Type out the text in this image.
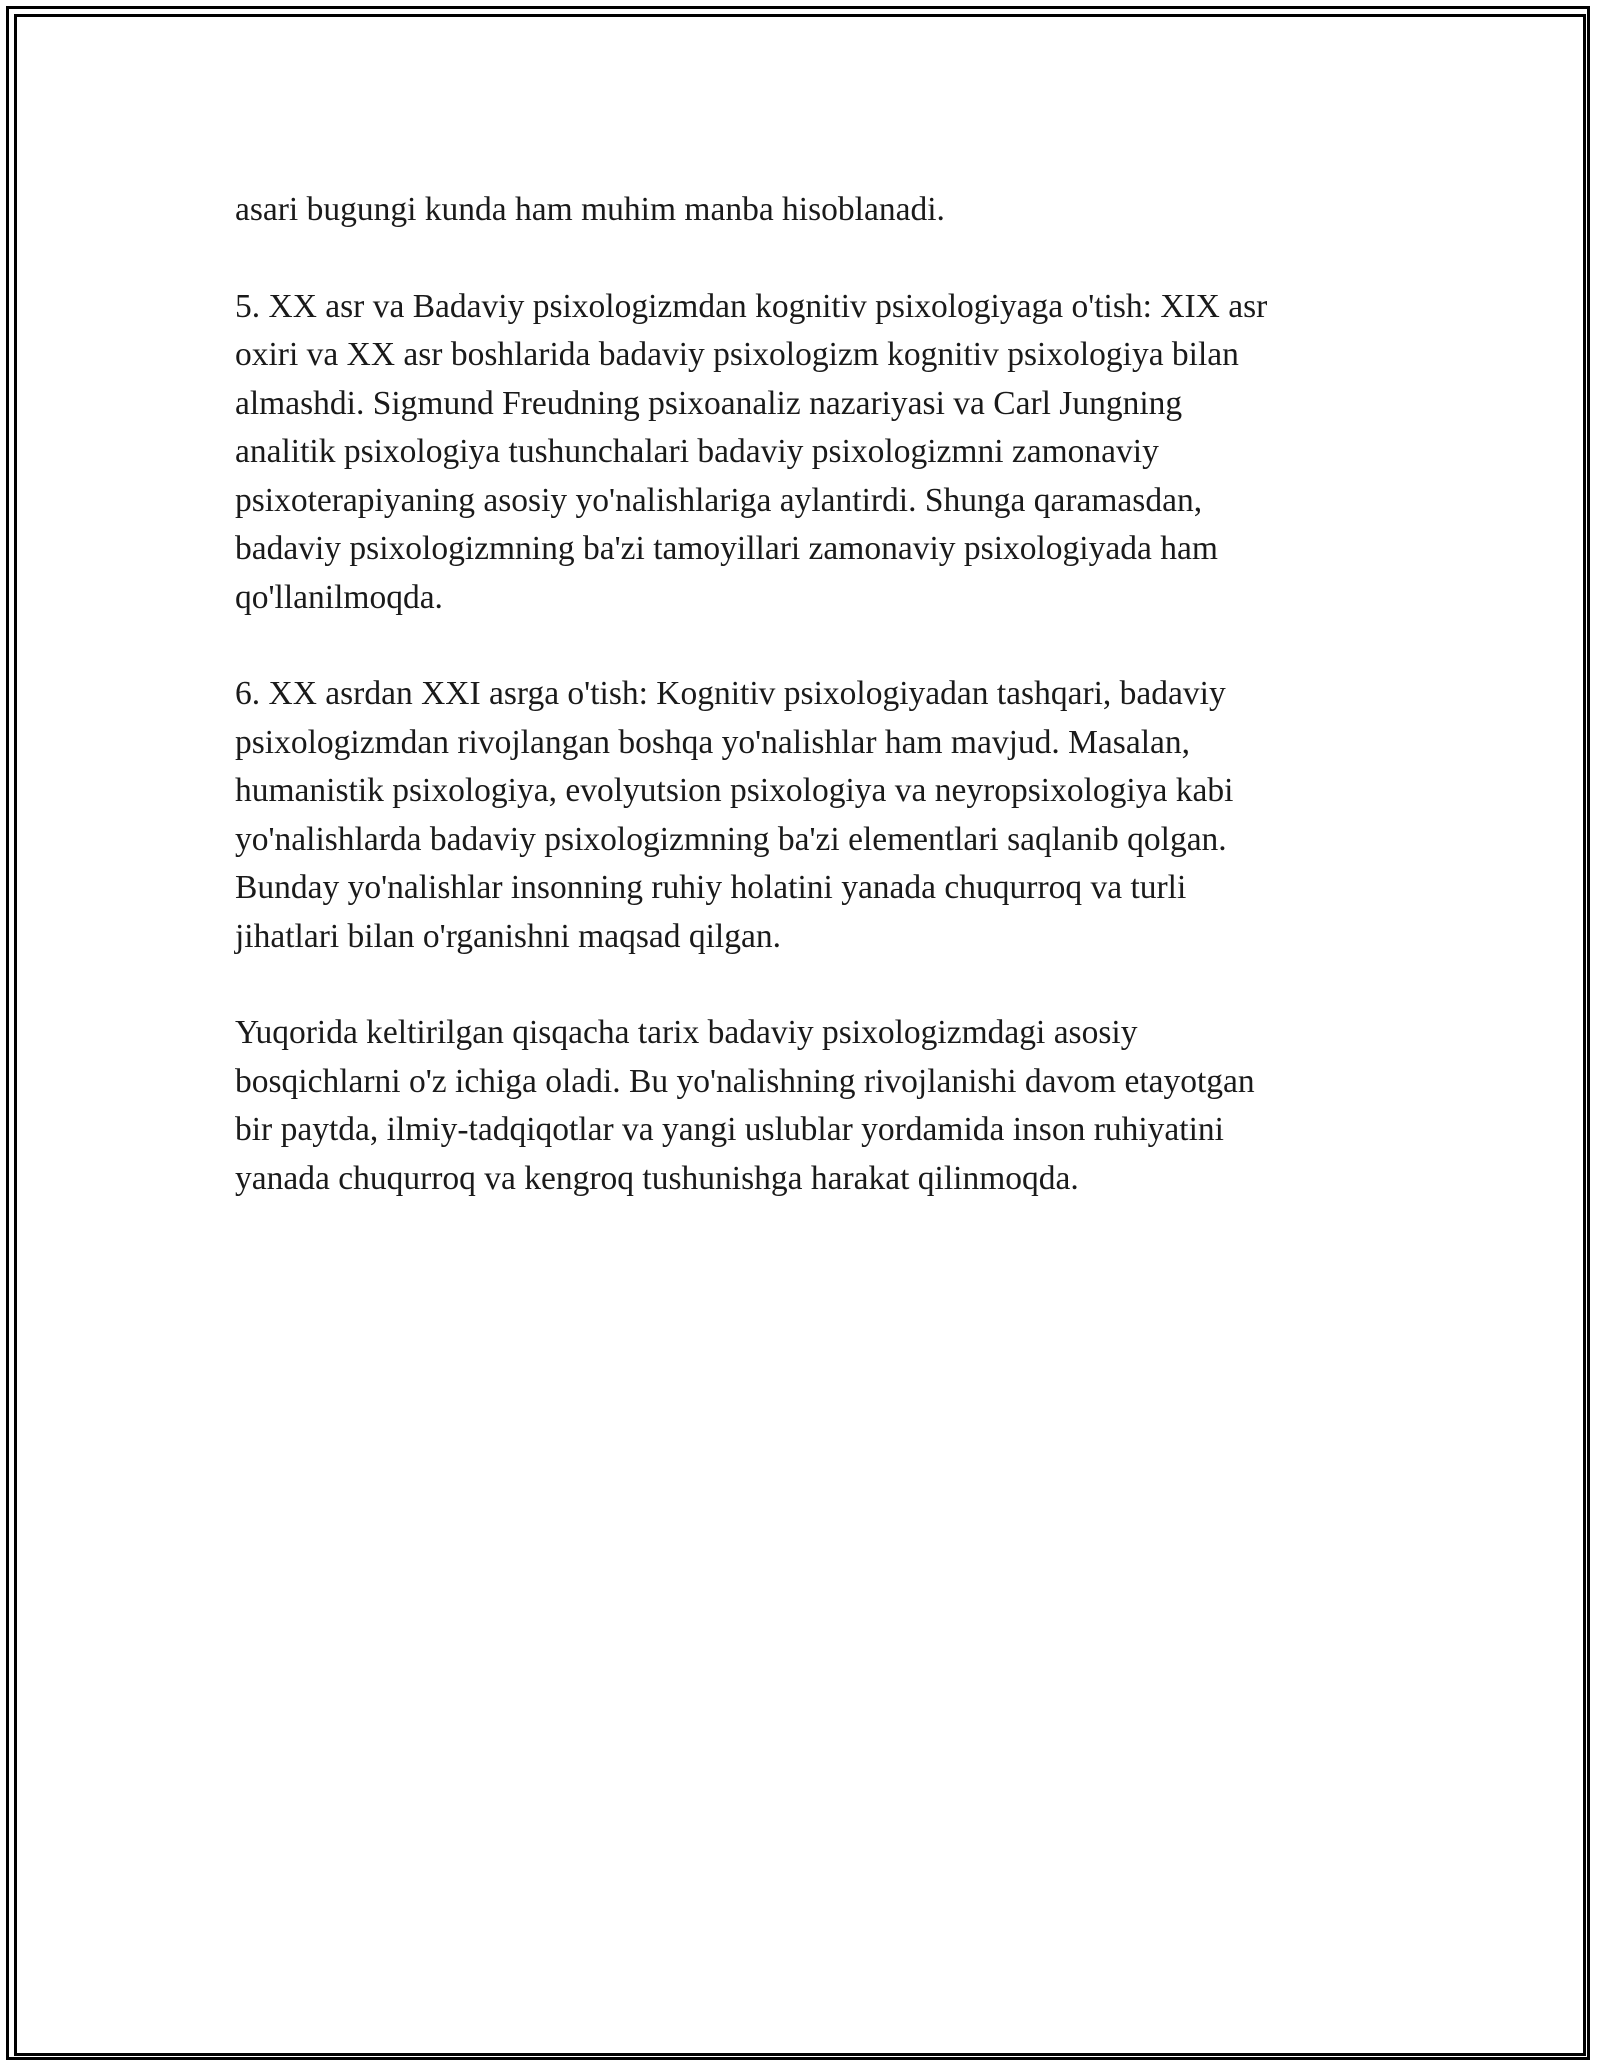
asari bugungi kunda ham muhim manba hisoblanadi.

5. XX asr va Badaviy psixologizmdan kognitiv psixologiyaga o'tish: XIX asr
oxiri va XX asr boshlarida badaviy psixologizm kognitiv psixologiya bilan
almashdi. Sigmund Freudning psixoanaliz nazariyasi va Carl Jungning
analitik psixologiya tushunchalari badaviy psixologizmni zamonaviy
psixoterapiyaning asosiy yo'nalishlariga aylantirdi. Shunga qaramasdan,
badaviy psixologizmning ba'zi tamoyillari zamonaviy psixologiyada ham
qo'llanilmoqda.

6. XX asrdan XXI asrga o'tish: Kognitiv psixologiyadan tashqari, badaviy
psixologizmdan rivojlangan boshqa yo'nalishlar ham mavjud. Masalan,
humanistik psixologiya, evolyutsion psixologiya va neyropsixologiya kabi
yo'nalishlarda badaviy psixologizmning ba'zi elementlari saqlanib qolgan.
Bunday yo'nalishlar insonning ruhiy holatini yanada chuqurroq va turli
jihatlari bilan o'rganishni maqsad qilgan.

Yuqorida keltirilgan qisqacha tarix badaviy psixologizmdagi asosiy
bosqichlarni o'z ichiga oladi. Bu yo'nalishning rivojlanishi davom etayotgan
bir paytda, ilmiy-tadqiqotlar va yangi uslublar yordamida inson ruhiyatini
yanada chuqurroq va kengroq tushunishga harakat qilinmoqda.
